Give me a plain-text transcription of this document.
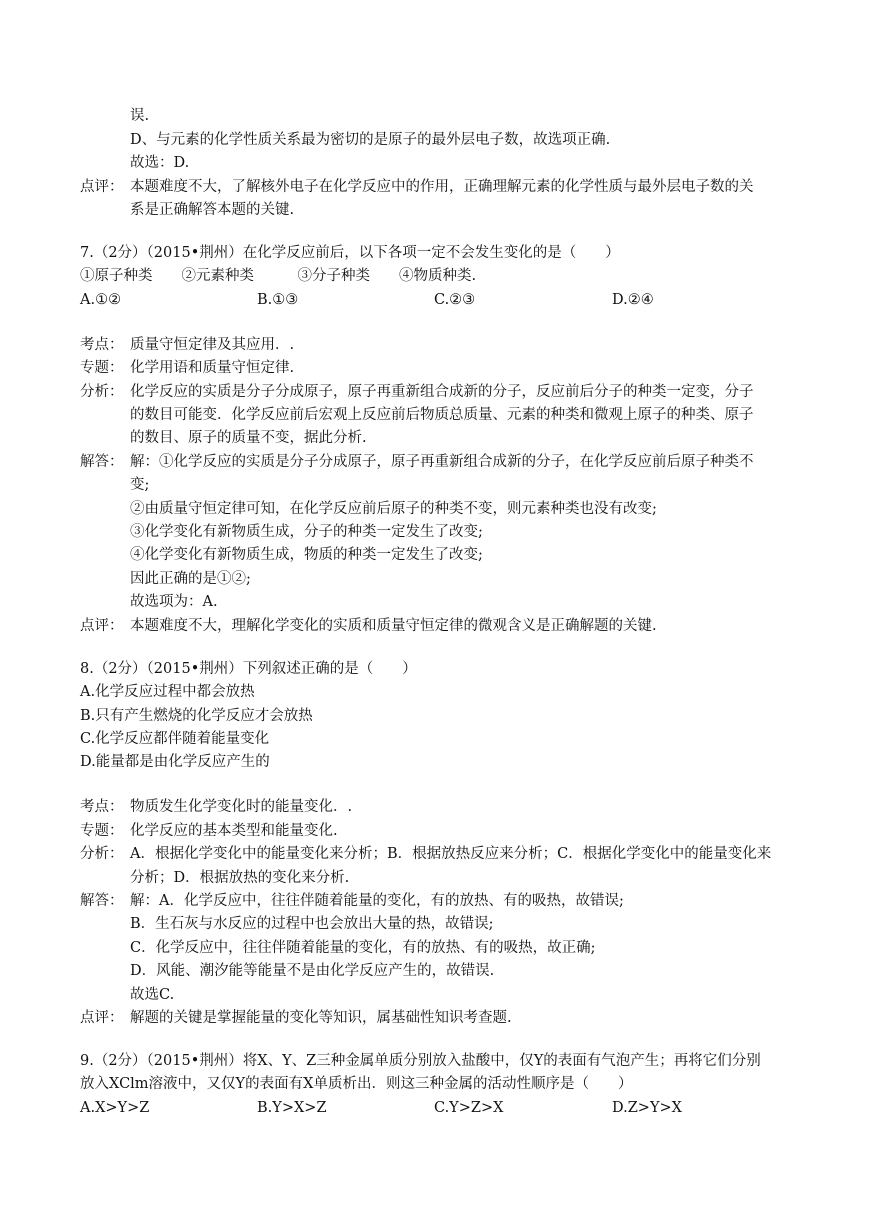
误.
D、与元素的化学性质关系最为密切的是原子的最外层电子数，故选项正确.
故选：D.
点评： 本题难度不大，了解核外电子在化学反应中的作用，正确理解元素的化学性质与最外层电子数的关
系是正确解答本题的关键.
7.（2分）（2015•荆州）在化学反应前后，以下各项一定不会发生变化的是（　　）
①原子种类　　②元素种类　　　③分子种类　　④物质种类.
A.①②	B.①③	C.②③	D.②④
考点： 质量守恒定律及其应用．.
专题： 化学用语和质量守恒定律.
分析： 化学反应的实质是分子分成原子，原子再重新组合成新的分子，反应前后分子的种类一定变，分子
的数目可能变．化学反应前后宏观上反应前后物质总质量、元素的种类和微观上原子的种类、原子
的数目、原子的质量不变，据此分析.
解答： 解：①化学反应的实质是分子分成原子，原子再重新组合成新的分子，在化学反应前后原子种类不
变;
②由质量守恒定律可知，在化学反应前后原子的种类不变，则元素种类也没有改变;
③化学变化有新物质生成，分子的种类一定发生了改变;
④化学变化有新物质生成，物质的种类一定发生了改变;
因此正确的是①②;
故选项为：A.
点评： 本题难度不大，理解化学变化的实质和质量守恒定律的微观含义是正确解题的关键.
8.（2分）（2015•荆州）下列叙述正确的是（　　）
A.化学反应过程中都会放热
B.只有产生燃烧的化学反应才会放热
C.化学反应都伴随着能量变化
D.能量都是由化学反应产生的
考点： 物质发生化学变化时的能量变化．.
专题： 化学反应的基本类型和能量变化.
分析： A．根据化学变化中的能量变化来分析；B．根据放热反应来分析；C．根据化学变化中的能量变化来
分析；D．根据放热的变化来分析.
解答： 解：A．化学反应中，往往伴随着能量的变化，有的放热、有的吸热，故错误;
B．生石灰与水反应的过程中也会放出大量的热，故错误;
C．化学反应中，往往伴随着能量的变化，有的放热、有的吸热，故正确;
D．风能、潮汐能等能量不是由化学反应产生的，故错误.
故选C.
点评： 解题的关键是掌握能量的变化等知识，属基础性知识考查题.
9.（2分）（2015•荆州）将X、Y、Z三种金属单质分别放入盐酸中，仅Y的表面有气泡产生；再将它们分别
放入XClm溶液中，又仅Y的表面有X单质析出．则这三种金属的活动性顺序是（　　）
A.X>Y>Z	B.Y>X>Z	C.Y>Z>X	D.Z>Y>X
